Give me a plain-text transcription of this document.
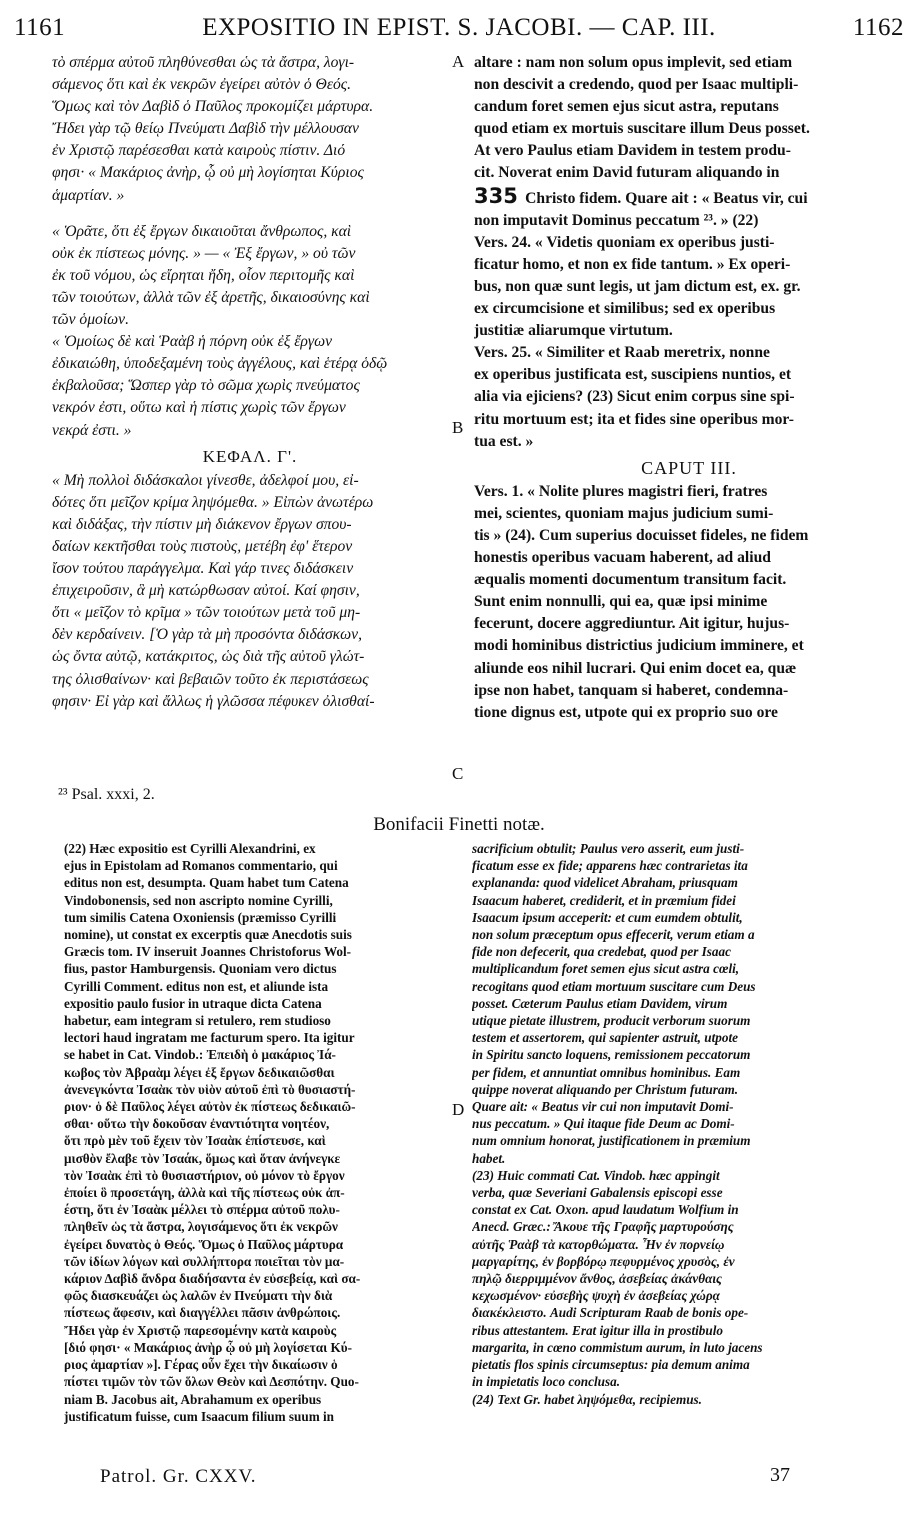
1161	EXPOSITIO IN EPIST. S. JACOBI. — CAP. III.	1162
τὸ σπέρμα αὐτοῦ πληθύνεσθαι ὡς τὰ ἄστρα, λογι-
σάμενος ὅτι καὶ ἐκ νεκρῶν ἐγείρει αὐτὸν ὁ Θεός.
Ὅμως καὶ τὸν Δαβὶδ ὁ Παῦλος προκομίζει μάρτυρα.
Ἤδει γὰρ τῷ θείῳ Πνεύματι Δαβὶδ τὴν μέλλουσαν
ἐν Χριστῷ παρέσεσθαι κατὰ καιροὺς πίστιν. Διό
φησι· « Μακάριος ἀνὴρ, ᾧ οὐ μὴ λογίσηται Κύριος
ἁμαρτίαν. »
« Ὁρᾶτε, ὅτι ἐξ ἔργων δικαιοῦται ἄνθρωπος, καὶ
οὐκ ἐκ πίστεως μόνης. » — « Ἐξ ἔργων, » οὐ τῶν
ἐκ τοῦ νόμου, ὡς εἴρηται ἤδη, οἷον περιτομῆς καὶ
τῶν τοιούτων, ἀλλὰ τῶν ἐξ ἀρετῆς, δικαιοσύνης καὶ
τῶν ὁμοίων.
« Ὁμοίως δὲ καὶ Ῥαὰβ ἡ πόρνη οὐκ ἐξ ἔργων
ἐδικαιώθη, ὑποδεξαμένη τοὺς ἀγγέλους, καὶ ἑτέρᾳ ὁδῷ
ἐκβαλοῦσα; Ὥσπερ γὰρ τὸ σῶμα χωρὶς πνεύματος
νεκρόν ἐστι, οὕτω καὶ ἡ πίστις χωρὶς τῶν ἔργων
νεκρά ἐστι. »
ΚΕΦΑΛ. Γ'.
« Μὴ πολλοὶ διδάσκαλοι γίνεσθε, ἀδελφοί μου, εἰ-
δότες ὅτι μεῖζον κρίμα ληψόμεθα. » Εἰπὼν ἀνωτέρω
καὶ διδάξας, τὴν πίστιν μὴ διάκενον ἔργων σπου-
δαίων κεκτῆσθαι τοὺς πιστοὺς, μετέβη ἐφ' ἕτερον
ἴσον τούτου παράγγελμα. Καὶ γάρ τινες διδάσκειν
ἐπιχειροῦσιν, ἃ μὴ κατώρθωσαν αὐτοί. Καί φησιν,
ὅτι « μεῖζον τὸ κρῖμα » τῶν τοιούτων μετὰ τοῦ μη-
δὲν κερδαίνειν. [Ὁ γὰρ τὰ μὴ προσόντα διδάσκων,
ὡς ὄντα αὐτῷ, κατάκριτος, ὡς διὰ τῆς αὐτοῦ γλώτ-
της ὀλισθαίνων· καὶ βεβαιῶν τοῦτο ἐκ περιστάσεως
φησιν· Εἰ γὰρ καὶ ἄλλως ἡ γλῶσσα πέφυκεν ὀλισθαί-
altare : nam non solum opus implevit, sed etiam
non descivit a credendo, quod per Isaac multipli-
candum foret semen ejus sicut astra, reputans
quod etiam ex mortuis suscitare illum Deus posset.
At vero Paulus etiam Davidem in testem produ-
cit. Noverat enim David futuram aliquando in
335 Christo fidem. Quare ait : « Beatus vir, cui
non imputavit Dominus peccatum ²³. » (22)
Vers. 24. « Videtis quoniam ex operibus justi-
ficatur homo, et non ex fide tantum. » Ex operi-
bus, non quæ sunt legis, ut jam dictum est, ex. gr.
ex circumcisione et similibus; sed ex operibus
justitiæ aliarumque virtutum.
Vers. 25. « Similiter et Raab meretrix, nonne
ex operibus justificata est, suscipiens nuntios, et
alia via ejiciens? (23) Sicut enim corpus sine spi-
ritu mortuum est; ita et fides sine operibus mor-
tua est. »
CAPUT III.
Vers. 1. « Nolite plures magistri fieri, fratres
mei, scientes, quoniam majus judicium sumi-
tis » (24). Cum superius docuisset fideles, ne fidem
honestis operibus vacuam haberent, ad aliud
æqualis momenti documentum transitum facit.
Sunt enim nonnulli, qui ea, quæ ipsi minime
fecerunt, docere aggrediuntur. Ait igitur, hujus-
modi hominibus districtius judicium imminere, et
aliunde eos nihil lucrari. Qui enim docet ea, quæ
ipse non habet, tanquam si haberet, condemna-
tione dignus est, utpote qui ex proprio suo ore
A
B
C
D
²³ Psal. xxxi, 2.
Bonifacii Finetti notæ.
(22) Hæc expositio est Cyrilli Alexandrini, ex
ejus in Epistolam ad Romanos commentario, qui
editus non est, desumpta. Quam habet tum Catena
Vindobonensis, sed non ascripto nomine Cyrilli,
tum similis Catena Oxoniensis (præmisso Cyrilli
nomine), ut constat ex excerptis quæ Anecdotis suis
Græcis tom. IV inseruit Joannes Christoforus Wol-
fius, pastor Hamburgensis. Quoniam vero dictus
Cyrilli Comment. editus non est, et aliunde ista
expositio paulo fusior in utraque dicta Catena
habetur, eam integram si retulero, rem studioso
lectori haud ingratam me facturum spero. Ita igitur
se habet in Cat. Vindob.: Ἐπειδὴ ὁ μακάριος Ἰά-
κωβος τὸν Ἀβραὰμ λέγει ἐξ ἔργων δεδικαιῶσθαι
ἀνενεγκόντα Ἰσαὰκ τὸν υἱὸν αὐτοῦ ἐπὶ τὸ θυσιαστή-
ριον· ὁ δὲ Παῦλος λέγει αὐτὸν ἐκ πίστεως δεδικαιῶ-
σθαι· οὕτω τὴν δοκοῦσαν ἐναντιότητα νοητέον,
ὅτι πρὸ μὲν τοῦ ἔχειν τὸν Ἰσαὰκ ἐπίστευσε, καὶ
μισθὸν ἔλαβε τὸν Ἰσαάκ, ὅμως καὶ ὅταν ἀνήνεγκε
τὸν Ἰσαὰκ ἐπὶ τὸ θυσιαστήριον, οὐ μόνον τὸ ἔργον
ἐποίει ὃ προσετάγη, ἀλλὰ καὶ τῆς πίστεως οὐκ ἀπ-
έστη, ὅτι ἐν Ἰσαὰκ μέλλει τὸ σπέρμα αὐτοῦ πολυ-
πληθεῖν ὡς τὰ ἄστρα, λογισάμενος ὅτι ἐκ νεκρῶν
ἐγείρει δυνατὸς ὁ Θεός. Ὅμως ὁ Παῦλος μάρτυρα
τῶν ἰδίων λόγων καὶ συλλήπτορα ποιεῖται τὸν μα-
κάριον Δαβὶδ ἄνδρα διαδήσαντα ἐν εὐσεβείᾳ, καὶ σα-
φῶς διασκευάζει ὡς λαλῶν ἐν Πνεύματι τὴν διὰ
πίστεως ἄφεσιν, καὶ διαγγέλλει πᾶσιν ἀνθρώποις.
Ἤδει γὰρ ἐν Χριστῷ παρεσομένην κατὰ καιροὺς
[διό φησι· « Μακάριος ἀνὴρ ᾧ οὐ μὴ λογίσεται Κύ-
ριος ἁμαρτίαν »]. Γέρας οὖν ἔχει τὴν δικαίωσιν ὁ
πίστει τιμῶν τὸν τῶν ὅλων Θεὸν καὶ Δεσπότην. Quo-
niam B. Jacobus ait, Abrahamum ex operibus
justificatum fuisse, cum Isaacum filium suum in
sacrificium obtulit; Paulus vero asserit, eum justi-
ficatum esse ex fide; apparens hæc contrarietas ita
explananda: quod videlicet Abraham, priusquam
Isaacum haberet, crediderit, et in præmium fidei
Isaacum ipsum acceperit: et cum eumdem obtulit,
non solum præceptum opus effecerit, verum etiam a
fide non defecerit, qua credebat, quod per Isaac
multiplicandum foret semen ejus sicut astra cœli,
recogitans quod etiam mortuum suscitare cum Deus
posset. Cæterum Paulus etiam Davidem, virum
utique pietate illustrem, producit verborum suorum
testem et assertorem, qui sapienter astruit, utpote
in Spiritu sancto loquens, remissionem peccatorum
per fidem, et annuntiat omnibus hominibus. Eam
quippe noverat aliquando per Christum futuram.
Quare ait: « Beatus vir cui non imputavit Domi-
nus peccatum. » Qui itaque fide Deum ac Domi-
num omnium honorat, justificationem in præmium
habet.
(23) Huic commati Cat. Vindob. hæc appingit
verba, quæ Severiani Gabalensis episcopi esse
constat ex Cat. Oxon. apud laudatum Wolfium in
Anecd. Græc.: Ἄκουε τῆς Γραφῆς μαρτυρούσης
αὐτῆς Ῥαὰβ τὰ κατορθώματα. Ἦν ἐν πορνείῳ
μαργαρίτης, ἐν βορβόρῳ πεφυρμένος χρυσὸς, ἐν
πηλῷ διερριμμένον ἄνθος, ἀσεβείας ἀκάνθαις
κεχωσμένον· εὐσεβὴς ψυχὴ ἐν ἀσεβείας χώρᾳ
διακέκλειστο. Audi Scripturam Raab de bonis ope-
ribus attestantem. Erat igitur illa in prostibulo
margarita, in cœno commistum aurum, in luto jacens
pietatis flos spinis circumseptus: pia demum anima
in impietatis loco conclusa.
(24) Text Gr. habet ληψόμεθα, recipiemus.
Patrol. Gr. CXXV.	37
